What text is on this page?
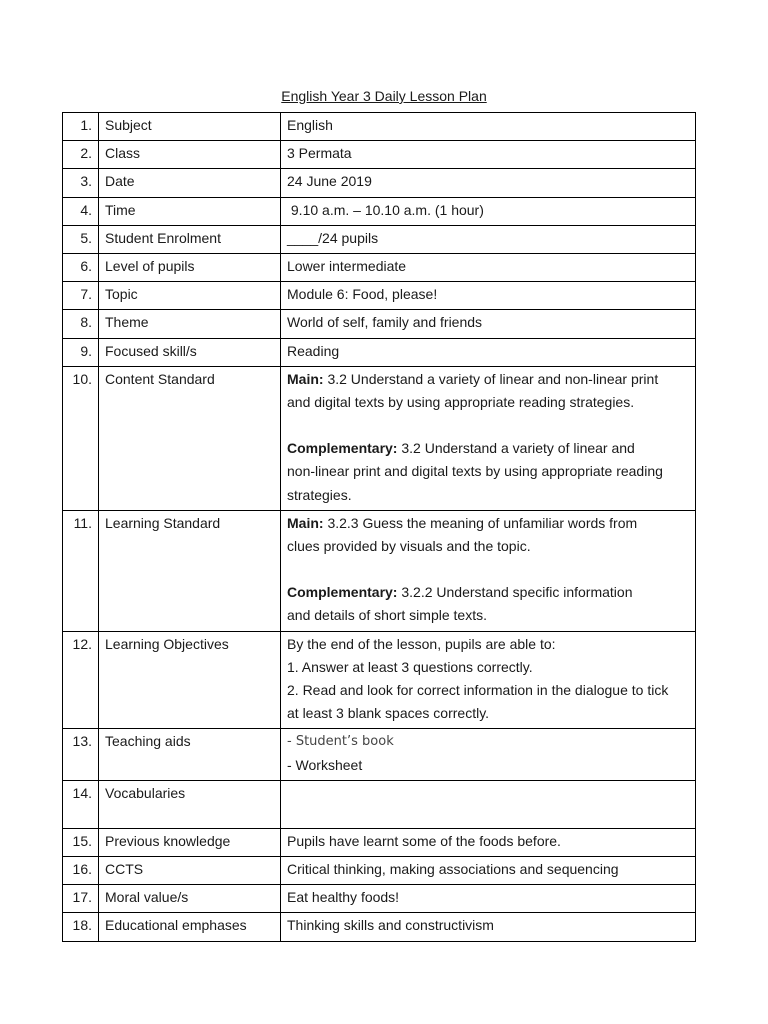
English Year 3 Daily Lesson Plan
1.	Subject	English
2.	Class	3 Permata
3.	Date	24 June 2019
4.	Time	9.10 a.m. – 10.10 a.m. (1 hour)
5.	Student Enrolment	____/24 pupils
6.	Level of pupils	Lower intermediate
7.	Topic	Module 6: Food, please!
8.	Theme	World of self, family and friends
9.	Focused skill/s	Reading
10.	Content Standard	Main: 3.2 Understand a variety of linear and non-linear print
and digital texts by using appropriate reading strategies.
Complementary: 3.2 Understand a variety of linear and
non-linear print and digital texts by using appropriate reading
strategies.

11.	Learning Standard	Main: 3.2.3 Guess the meaning of unfamiliar words from
clues provided by visuals and the topic.
Complementary: 3.2.2 Understand specific information
and details of short simple texts.

12.	Learning Objectives	By the end of the lesson, pupils are able to:
1. Answer at least 3 questions correctly.
2. Read and look for correct information in the dialogue to tick
at least 3 blank spaces correctly.

13.	Teaching aids	- Student’s book
- Worksheet

14.	Vocabularies	
15.	Previous knowledge	Pupils have learnt some of the foods before.
16.	CCTS	Critical thinking, making associations and sequencing
17.	Moral value/s	Eat healthy foods!
18.	Educational emphases	Thinking skills and constructivism
